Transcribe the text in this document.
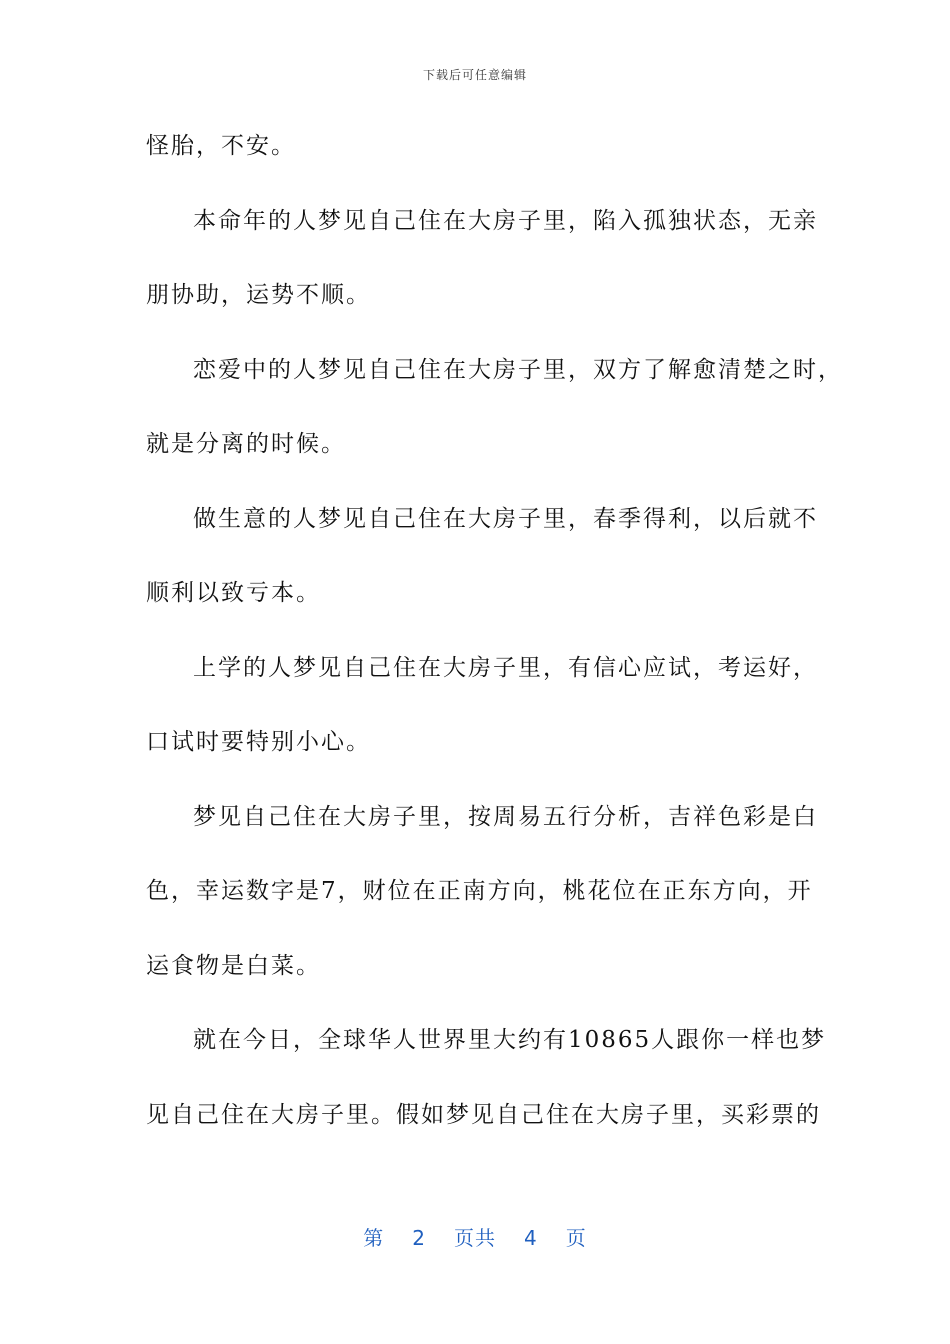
下载后可任意编辑
怪胎，不安。
本命年的人梦见自己住在大房子里，陷入孤独状态，无亲
朋协助，运势不顺。
恋爱中的人梦见自己住在大房子里，双方了解愈清楚之时，
就是分离的时候。
做生意的人梦见自己住在大房子里，春季得利，以后就不
顺利以致亏本。
上学的人梦见自己住在大房子里，有信心应试，考运好，
口试时要特别小心。
梦见自己住在大房子里，按周易五行分析，吉祥色彩是白
色，幸运数字是7，财位在正南方向，桃花位在正东方向，开
运食物是白菜。
就在今日，全球华人世界里大约有10865人跟你一样也梦
见自己住在大房子里。假如梦见自己住在大房子里，买彩票的
第 2 页共 4 页
